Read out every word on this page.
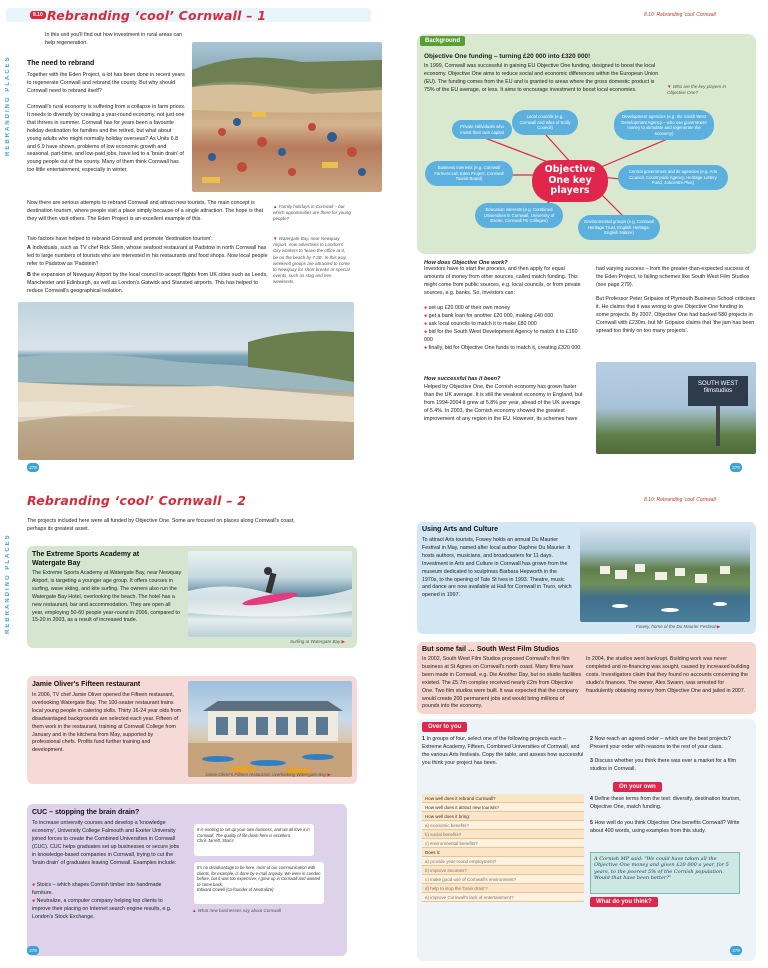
8.10 Rebranding ‘cool’ Cornwall – 1	8.10: Rebranding ‘cool’ Cornwall
REBRANDING PLACES
In this unit you'll find out how investment in rural areas can help regeneration.
▲ Family holidays in Cornwall – but which opportunities are there for young people?
The need to rebrand
Together with the Eden Project, a lot has been done in recent years to regenerate Cornwall and rebrand the county. But why should Cornwall need to rebrand itself?
Cornwall's rural economy is suffering from a collapse in farm prices. It needs to diversify by creating a year-round economy, not just one that thrives in summer. Cornwall has for years been a favourite holiday destination for families and the retired, but what about young adults who might normally holiday overseas? As Units 6.8 and 6.9 have shown, problems of low economic growth and seasonal, part-time, and low-paid jobs, have led to a 'brain drain' of young people out of the county. Many of them think Cornwall has too little entertainment, especially in winter.
Now there are serious attempts to rebrand Cornwall and attract new tourists. The main concept is destination tourism, where people visit a place simply because of a single attraction. The hope is that they will then visit others. The Eden Project is an excellent example of this.
Two factors have helped to rebrand Cornwall and promote 'destination tourism':
A Individuals, such as TV chef Rick Stein, whose seafood restaurant at Padstow in north Cornwall has led to large numbers of tourists who are interested in his restaurants and food shops. Now local people refer to Padstow as 'Padstein'!
B the expansion of Newquay Airport by the local council to accept flights from UK cities such as Leeds, Manchester and Edinburgh, as well as London's Gatwick and Stansted airports. This has helped to reduce Cornwall's geographical isolation.
▼ Watergate Bay, near Newquay Airport, now advertises to London's City workers to 'leave the office at 4, be on the beach by 7.30'. In this way, weekend groups are attracted to come to Newquay for short breaks or special events, such as stag and hen weekends.
278
Background
Objective One funding – turning £20 000 into £320 000!
In 1999, Cornwall was successful in gaining EU Objective One funding, designed to boost the local economy. Objective One aims to reduce social and economic differences within the European Union (EU). The funding comes from the EU and is granted to areas where the gross domestic product is 75% of the EU average, or less. It aims to encourage investment to boost local economies.
▼ Who are the key players in Objective One?
Private individuals who invest their own capital
Local councils (e.g. Cornwall and Isles of Scilly Council)
Development agencies (e.g. the South West Development Agency – who use government money to stimulate and regenerate the economy)
Business interests (e.g. Cornwall Farmers Ltd, Eden Project, Cornwall Tourist Board)
Objective One key players
Central government and its agencies (e.g. Arts Council, Countryside Agency, Heritage Lottery Fund, Jobcentre Plus)
Education interests (e.g. Combined Universities in Cornwall, University of Exeter, Cornwall FE Colleges)	Environmental groups (e.g. Cornwall Heritage Trust, English Heritage, English Nature)
How does Objective One work?
Investors have to start the process, and then apply for equal amounts of money from other sources, called match funding. This might come from public sources, e.g. local councils, or from private sources, e.g. banks. So, investors can:
● set up £20 000 of their own money
● get a bank loan for another £20 000, making £40 000
● ask local councils to match it to make £80 000
● bid for the South West Development Agency to match it to £160 000
● finally, bid for Objective One funds to match it, creating £320 000.
How successful has it been?
Helped by Objective One, the Cornish economy has grown faster than the UK average. It is still the weakest economy in England, but from 1994-2004 it grew at 5.8% per year, ahead of the UK average of 5.4%. In 2003, the Cornish economy showed the greatest improvement of any region in the EU. However, its schemes have
had varying success – from the greater-than-expected success of the Eden Project, to failing schemes like South West Film Studios (see page 279).
But Professor Peter Gripaios of Plymouth Business School criticises it. He claims that it was wrong to give Objective One funding to some projects. By 2007, Objective One had backed 580 projects in Cornwall with £230m, but Mr Gripaios claims that 'the jam has been spread too thinly on too many projects'.
SOUTH WEST filmstudios
279
Rebranding ‘cool’ Cornwall – 2	8.10: Rebranding ‘cool’ Cornwall
REBRANDING PLACES
The projects included here were all funded by Objective One. Some are focused on places along Cornwall's coast, perhaps its greatest asset.
The Extreme Sports Academy at Watergate Bay
The Extreme Sports Academy at Watergate Bay, near Newquay Airport, is targeting a younger age group. It offers courses in surfing, wave skiing, and kite surfing. The owners also run the Watergate Bay Hotel, overlooking the beach. The hotel has a new restaurant, bar and accommodation. They are open all year, employing 50-60 people year-round in 2006, compared to 15-20 in 2003, as a result of increased trade.
Surfing at Watergate Bay ▶
Jamie Oliver's Fifteen restaurant
In 2006, TV chef Jamie Oliver opened the Fifteen restaurant, overlooking Watergate Bay. The 100-seater restaurant trains local young people in catering skills. Thirty 16-24 year olds from disadvantaged backgrounds are selected each year. Fifteen of them work in the restaurant, training at Cornwall College from January and in the kitchens from May, supported by professional chefs. Profits fund further training and development.
Jamie Oliver's Fifteen restaurant, overlooking Watergate Bay ▶
CUC – stopping the brain drain?
To increase university courses and develop a 'knowledge economy', University College Falmouth and Exeter University joined forces to create the Combined Universities in Cornwall (CUC). CUC helps graduates set up businesses or secure jobs in knowledge-based companies in Cornwall, trying to cut the 'brain drain' of graduates leaving Cornwall. Examples include:
● Stoics – which shapes Cornish timber into handmade furniture.
● Neutralize, a computer company helping top clients to improve their placing on Internet search engine results, e.g. London's Stock Exchange.
It is exciting to set up your own business, and we all love it in Cornwall. The quality of life down here is excellent.
Chris Jarrett, Stoics
It's no disadvantage to be here, most of our communication with clients, for example, is done by e-mail anyway. We were in London before, but it was too expensive; I grew up in Cornwall and wanted to come back.
Edward Cowell (co-founder of Neutralize)
▲ What new businesses say about Cornwall
278
Using Arts and Culture
To attract Arts tourists, Fowey holds an annual Du Maurier Festival in May, named after local author Daphne Du Maurier. It hosts authors, musicians, and broadcasters for 11 days. Investment in Arts and Culture in Cornwall has grown from the museum dedicated to sculptress Barbara Hepworth in the 1970s, to the opening of Tate St Ives in 1993. Theatre, music and dance are now available at Hall for Cornwall in Truro, which opened in 1997.
Fowey, home of the Du Maurier Festival ▶
But some fail … South West Film Studios
In 2002, South West Film Studios proposed Cornwall's first film business at St Agnes on Cornwall's north coast. Many films have been made in Cornwall, e.g. Die Another Day, but no studio facilities existed. The £5.7m complex received nearly £2m from Objective One. Two film studios were built. It was expected that the company would create 200 permanent jobs and would bring millions of pounds into the economy.
In 2004, the studios went bankrupt. Building work was never completed and re-financing was sought, caused by increased building costs. Investigators claim that they found no accounts concerning the studio's finances. The owner, Alex Swann, was arrested for fraudulently obtaining money from Objective One and jailed in 2007.
Over to you
1 In groups of four, select one of the following projects each – Extreme Academy, Fifteen, Combined Universities of Cornwall, and the various Arts festivals. Copy the table, and assess how successful you think your project has been.
How well does it rebrand Cornwall?
How well does it attract new tourists?
How well does it bring:
a) economic benefits?
b) social benefits?
c) environmental benefits?
Does it:
a) provide year-round employment?
b) improve incomes?
c) make good use of Cornwall's environment?
d) help to stop the 'brain drain'?
e) improve Cornwall's lack of entertainment?
2 Now reach an agreed order – which are the best projects? Present your order with reasons to the rest of your class.
3 Discuss whether you think there was ever a market for a film studios in Cornwall.
On your own
4 Define these terms from the text: diversify, destination tourism, Objective One, match funding.
5 How well do you think Objective One benefits Cornwall? Write about 400 words, using examples from this study.
A Cornish MP said: "We could have taken all the Objective One money and given £20 000 a year, for 5 years, to the poorest 5% of the Cornish population. Would that have been better?"
What do you think?
279
